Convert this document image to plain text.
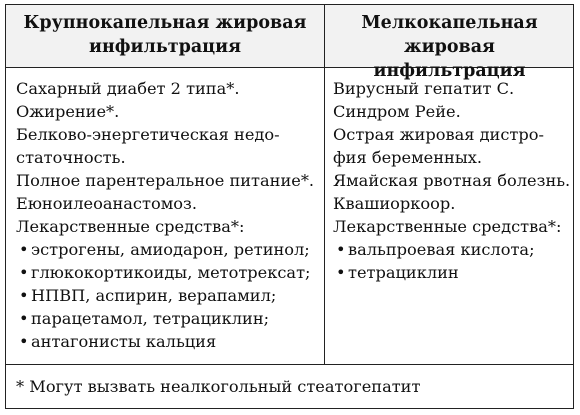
Крупнокапельная жировая
инфильтрация
Мелкокапельная
жировая инфильтрация
Сахарный диабет 2 типа*.
Ожирение*.
Белково-энергетическая недо-
статочность.
Полное парентеральное питание*.
Еюноилеоанастомоз.
Лекарственные средства*:
• эстрогены, амиодарон, ретинол;
• глюкокортикоиды, метотрексат;
• НПВП, аспирин, верапамил;
• парацетамол, тетрациклин;
• антагонисты кальция
Вирусный гепатит С.
Синдром Рейе.
Острая жировая дистро-
фия беременных.
Ямайская рвотная болезнь.
Квашиоркоор.
Лекарственные средства*:
• вальпроевая кислота;
• тетрациклин
* Могут вызвать неалкогольный стеатогепатит
